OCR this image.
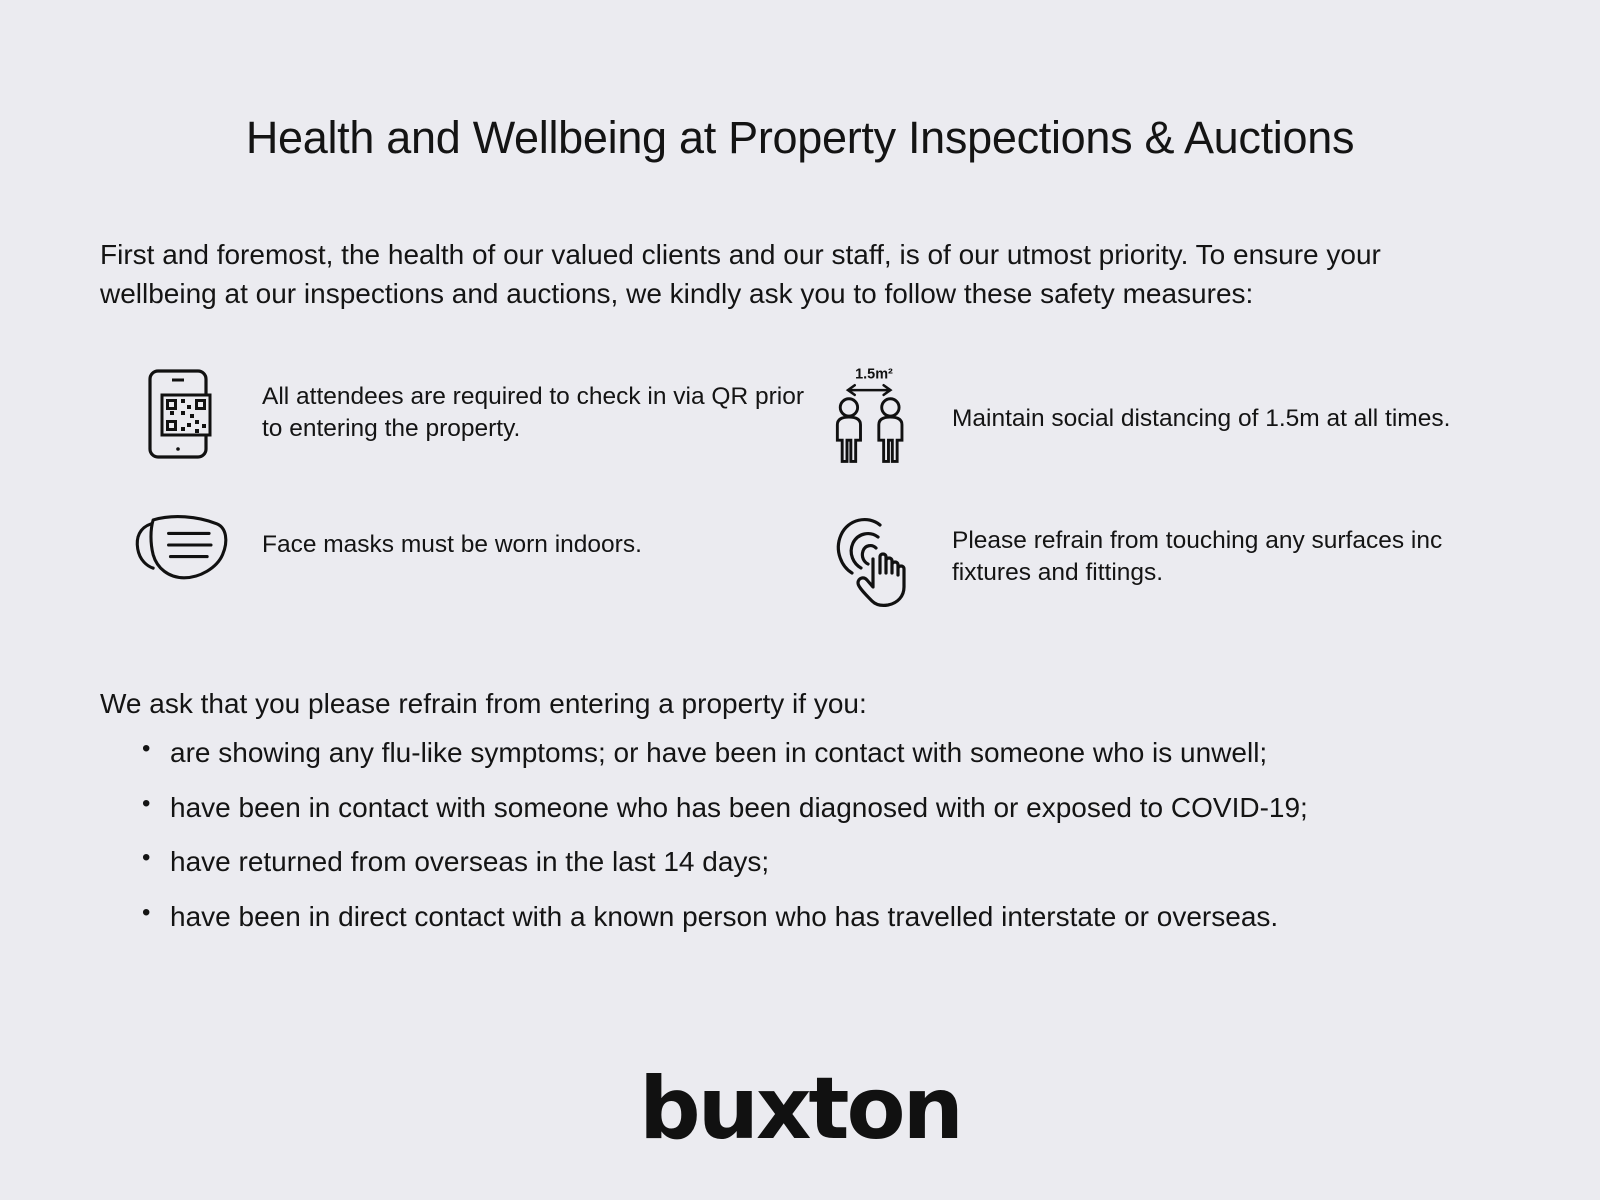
Health and Wellbeing at Property Inspections & Auctions

First and foremost, the health of our valued clients and our staff, is of our utmost priority. To ensure your wellbeing at our inspections and auctions, we kindly ask you to follow these safety measures:

All attendees are required to check in via QR prior to entering the property.
Face masks must be worn indoors.
1.5m²
Maintain social distancing of 1.5m at all times.
Please refrain from touching any surfaces inc fixtures and fittings.

We ask that you please refrain from entering a property if you:

• are showing any flu-like symptoms; or have been in contact with someone who is unwell;
• have been in contact with someone who has been diagnosed with or exposed to COVID-19;
• have returned from overseas in the last 14 days;
• have been in direct contact with a known person who has travelled interstate or overseas.
buxton
